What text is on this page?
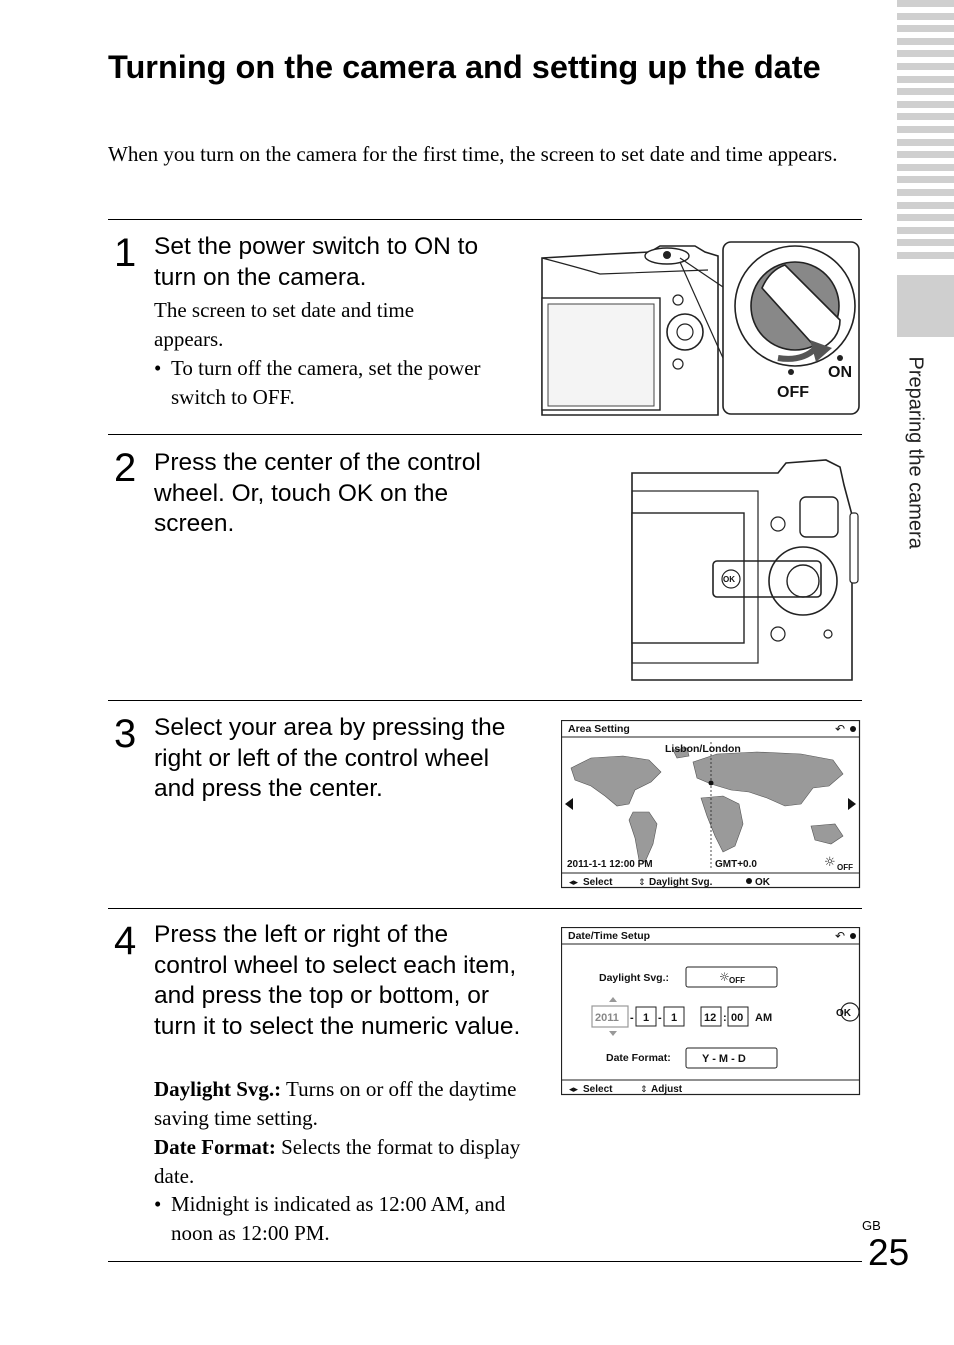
Preparing the camera
Turning on the camera and setting up the date
When you turn on the camera for the first time, the screen to set date and time appears.
1 Set the power switch to ON to
turn on the camera.
The screen to set date and time appears.
• To turn off the camera, set the power switch to OFF.	OFF
ON
2 Press the center of the control wheel. Or, touch OK on the screen.
OK
3 Select your area by pressing the right or left of the control wheel and press the center.
Area Setting	↶
Lisbon/London
2011-1-1 12:00 PM	GMT+0.0	☼ OFF
◂▸ Select	⇕ Daylight Svg.	OK
4 Press the left or right of the control wheel to select each item, and press the top or bottom, or turn it to select the numeric value.
Daylight Svg.: Turns on or off the daytime saving time setting.
Date Format: Selects the format to display date.
• Midnight is indicated as 12:00 AM, and noon as 12:00 PM.
Date/Time Setup	↶
Daylight Svg.:	☼ OFF
2011 - 1 - 1 12 : 00 AM	OK
Date Format:	Y - M - D
◂▸ Select	⇕ Adjust
GB
25
